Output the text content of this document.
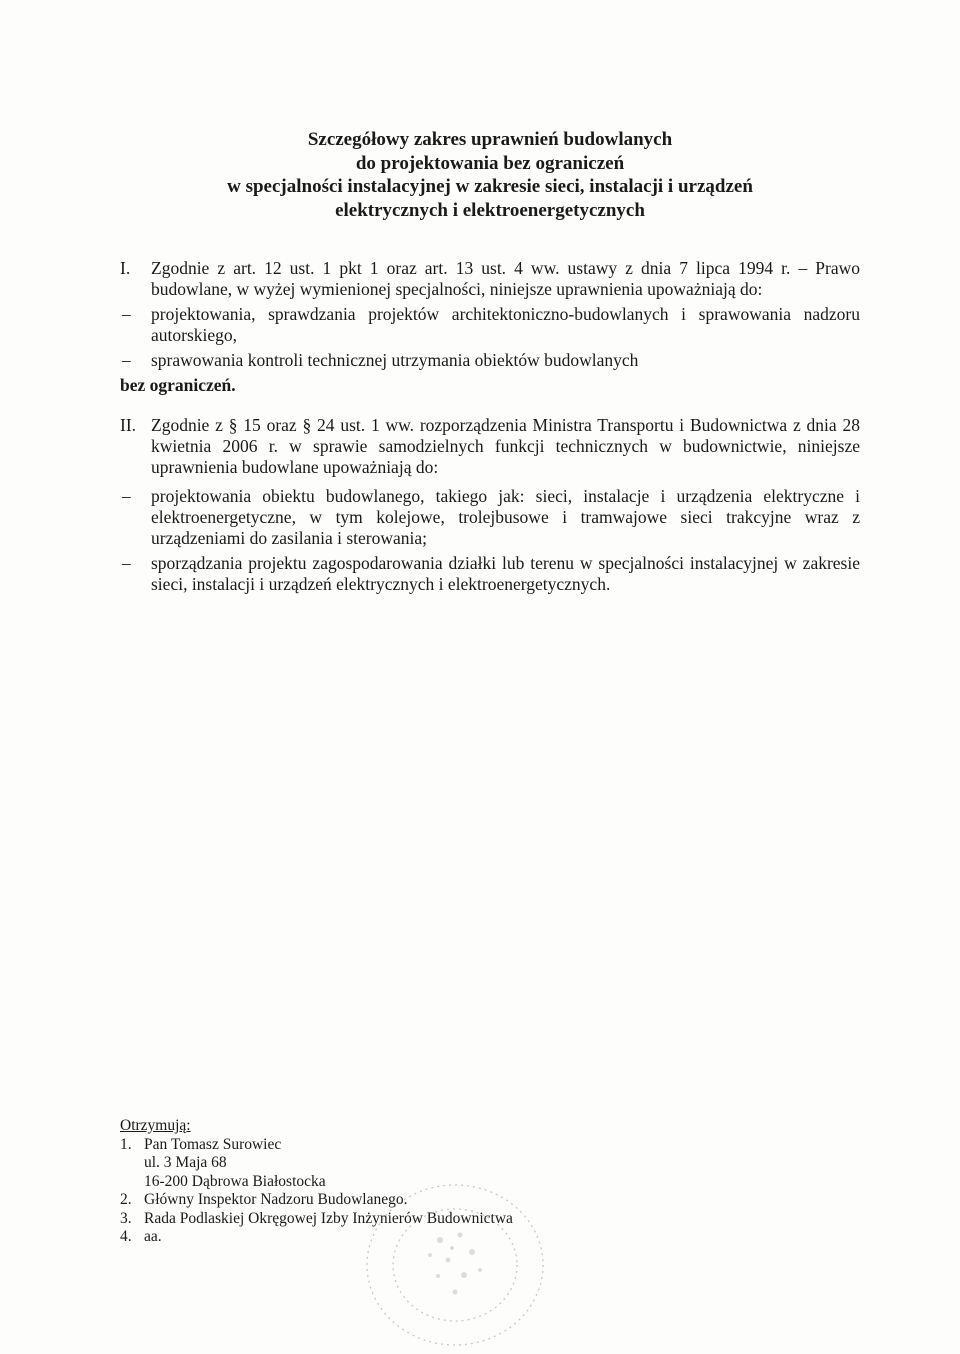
Szczegółowy zakres uprawnień budowlanych
do projektowania bez ograniczeń
w specjalności instalacyjnej w zakresie sieci, instalacji i urządzeń
elektrycznych i elektroenergetycznych
I. Zgodnie z art. 12 ust. 1 pkt 1 oraz art. 13 ust. 4 ww. ustawy z dnia 7 lipca 1994 r. – Prawo budowlane, w wyżej wymienionej specjalności, niniejsze uprawnienia upoważniają do:
– projektowania, sprawdzania projektów architektoniczno-budowlanych i sprawowania nadzoru autorskiego,
– sprawowania kontroli technicznej utrzymania obiektów budowlanych
bez ograniczeń.
II. Zgodnie z § 15 oraz § 24 ust. 1 ww. rozporządzenia Ministra Transportu i Budownictwa z dnia 28 kwietnia 2006 r. w sprawie samodzielnych funkcji technicznych w budownictwie, niniejsze uprawnienia budowlane upoważniają do:
– projektowania obiektu budowlanego, takiego jak: sieci, instalacje i urządzenia elektryczne i elektroenergetyczne, w tym kolejowe, trolejbusowe i tramwajowe sieci trakcyjne wraz z urządzeniami do zasilania i sterowania;
– sporządzania projektu zagospodarowania działki lub terenu w specjalności instalacyjnej w zakresie sieci, instalacji i urządzeń elektrycznych i elektroenergetycznych.
Otrzymują:
1. Pan Tomasz Surowiec
ul. 3 Maja 68
16-200 Dąbrowa Białostocka
2. Główny Inspektor Nadzoru Budowlanego.
3. Rada Podlaskiej Okręgowej Izby Inżynierów Budownictwa
4. aa.
